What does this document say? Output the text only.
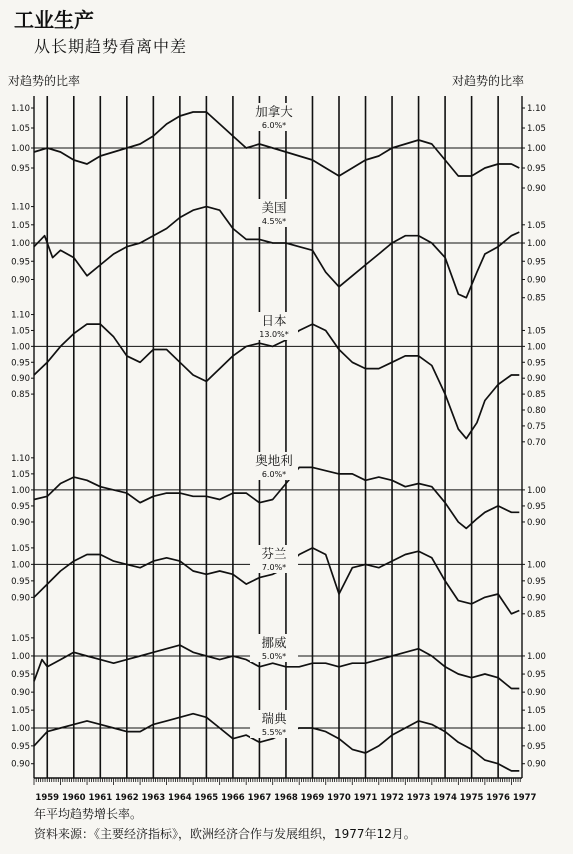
工业生产
从长期趋势看离中差
对趋势的比率	对趋势的比率
1959 1960 1961 1962 1963 1964 1965 1966 1967 1968 1969 1970 1971 1972 1973 1974 1975 1976 1977
1.10
1.05
1.00
0.95
1.10
1.05
1.00
0.95
0.90
加拿大
6.0%*
1.10
1.05
1.00
0.95
0.90
1.05
1.00
0.95
0.90
0.85
美国
4.5%*
1.10
1.05
1.00
0.95
0.90
0.85
1.05
1.00
0.95
0.90
0.85
0.80
0.75
0.70
日本
13.0%*
1.10
1.05
1.00
0.95
0.90
1.00
0.95
0.90
奥地利
6.0%*
1.05
1.00
0.95
0.90
1.00
0.95
0.90
0.85
芬兰
7.0%*
1.05
1.00
0.95
0.90
1.00
0.95
0.90
挪威
5.0%*
1.05
1.00
0.95
0.90
1.05
1.00
0.95
0.90
瑞典
5.5%*
年平均趋势增长率。
资料来源：《主要经济指标》，欧洲经济合作与发展组织，1977年12月。
